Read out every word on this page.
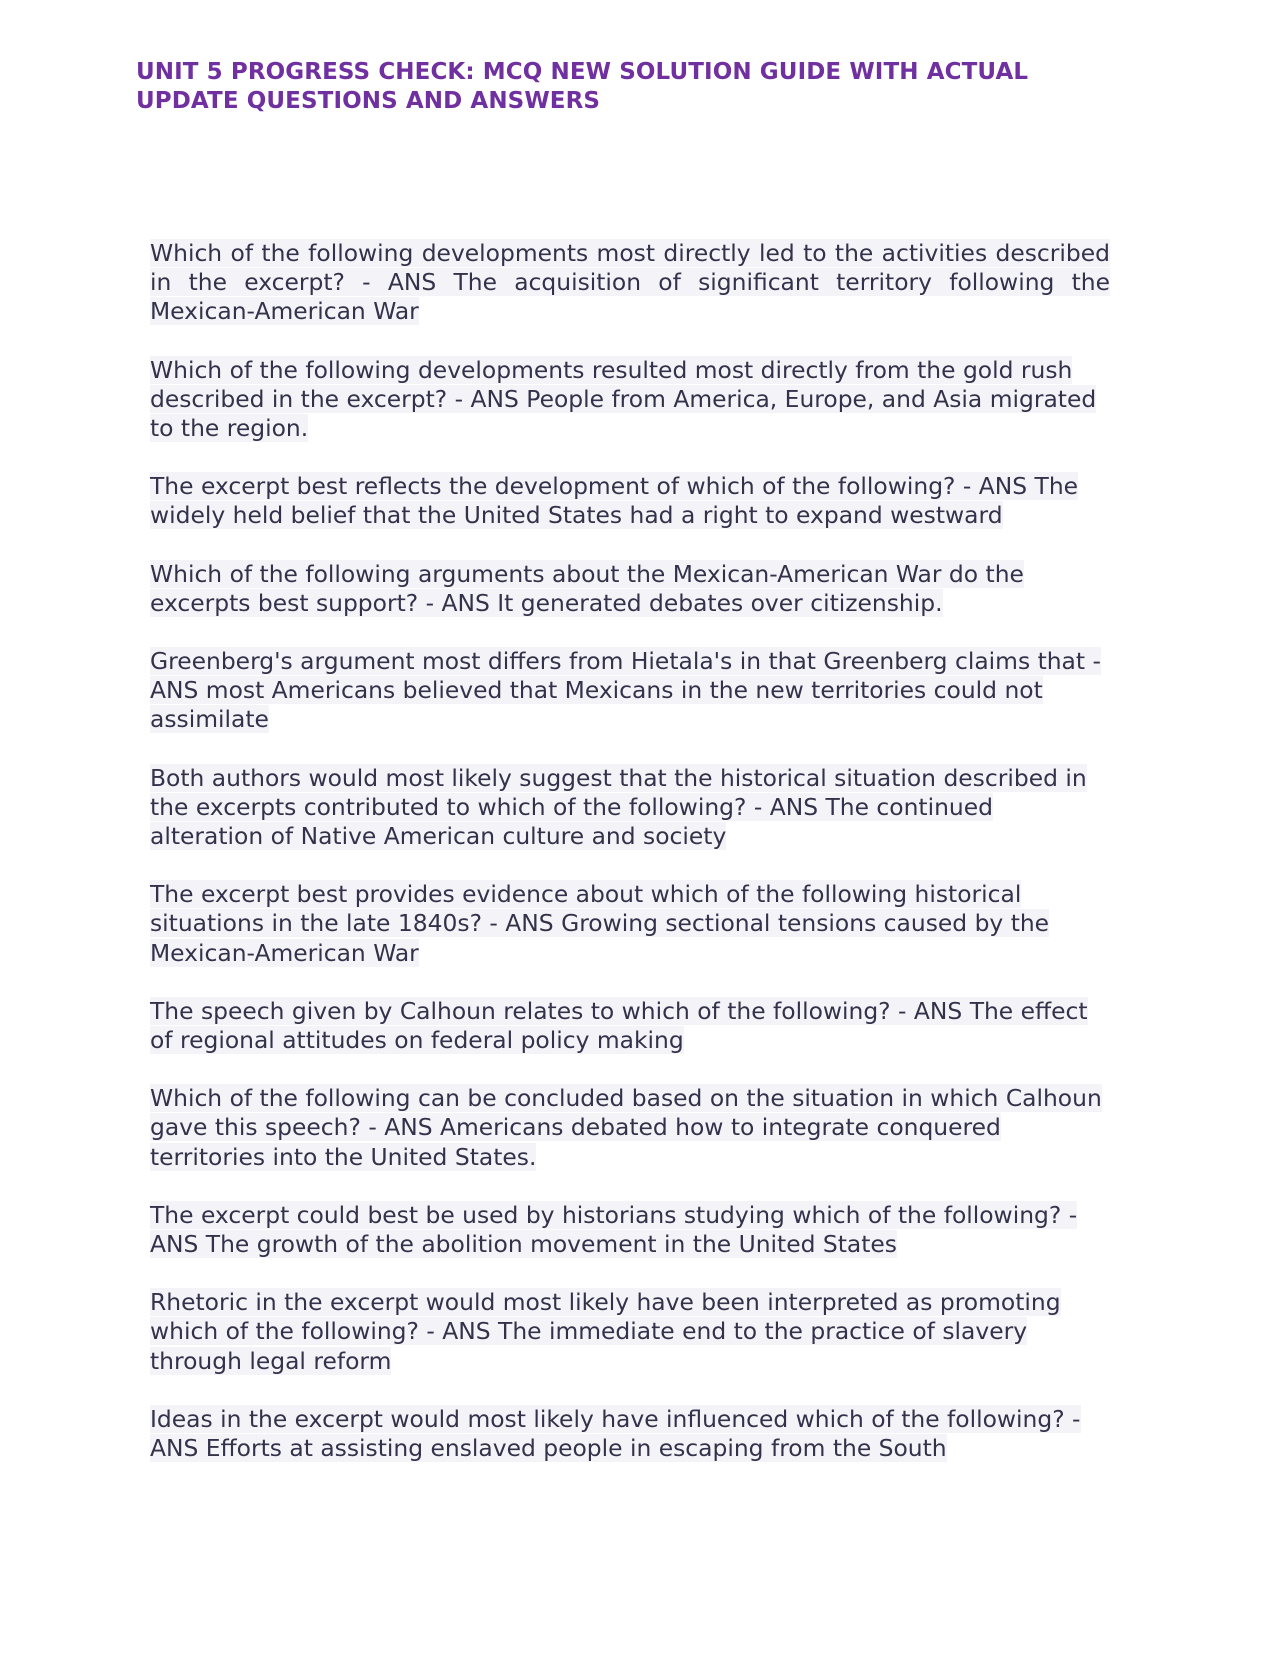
UNIT 5 PROGRESS CHECK: MCQ NEW SOLUTION GUIDE WITH ACTUAL UPDATE QUESTIONS AND ANSWERS
Which of the following developments most directly led to the activities described in the excerpt? - ANS The acquisition of significant territory following the Mexican-American War
Which of the following developments resulted most directly from the gold rush described in the excerpt? - ANS People from America, Europe, and Asia migrated to the region.
The excerpt best reflects the development of which of the following? - ANS The widely held belief that the United States had a right to expand westward
Which of the following arguments about the Mexican-American War do the excerpts best support? - ANS It generated debates over citizenship.
Greenberg's argument most differs from Hietala's in that Greenberg claims that - ANS most Americans believed that Mexicans in the new territories could not assimilate
Both authors would most likely suggest that the historical situation described in the excerpts contributed to which of the following? - ANS The continued alteration of Native American culture and society
The excerpt best provides evidence about which of the following historical situations in the late 1840s? - ANS Growing sectional tensions caused by the Mexican-American War
The speech given by Calhoun relates to which of the following? - ANS The effect of regional attitudes on federal policy making
Which of the following can be concluded based on the situation in which Calhoun gave this speech? - ANS Americans debated how to integrate conquered territories into the United States.
The excerpt could best be used by historians studying which of the following? - ANS The growth of the abolition movement in the United States
Rhetoric in the excerpt would most likely have been interpreted as promoting which of the following? - ANS The immediate end to the practice of slavery through legal reform
Ideas in the excerpt would most likely have influenced which of the following? - ANS Efforts at assisting enslaved people in escaping from the South
